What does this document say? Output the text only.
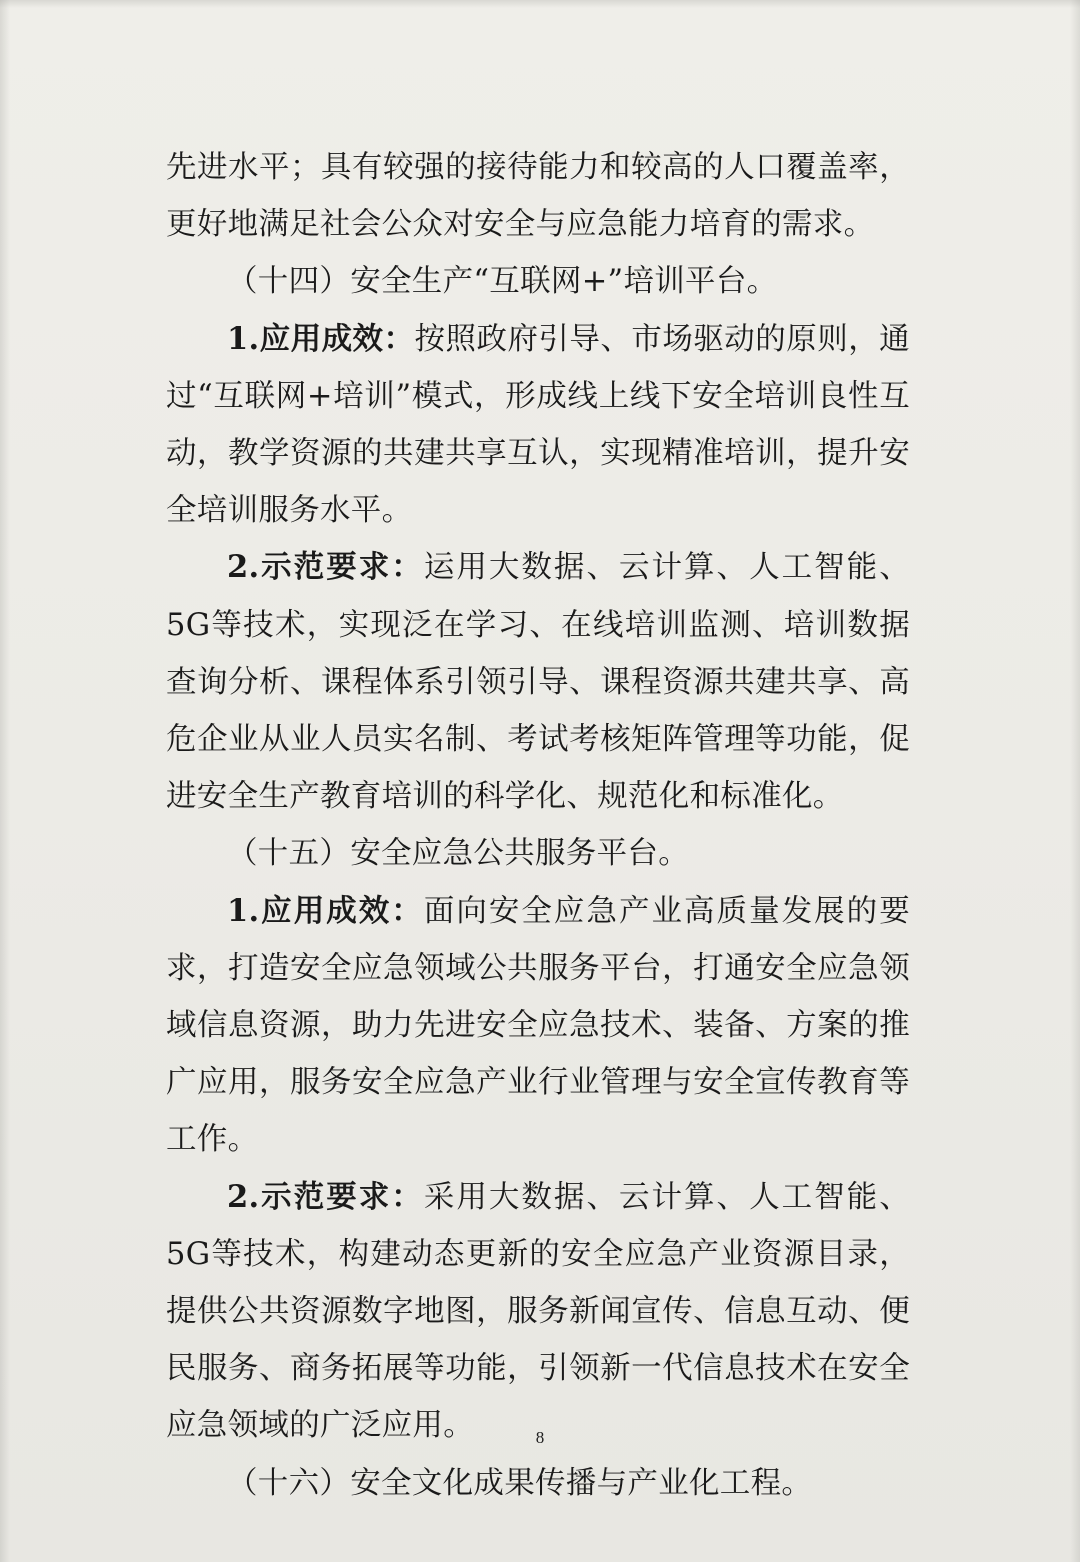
先进水平；具有较强的接待能力和较高的人口覆盖率，更好地满足社会公众对安全与应急能力培育的需求。

（十四）安全生产“互联网+”培训平台。

1.应用成效：按照政府引导、市场驱动的原则，通过“互联网+培训”模式，形成线上线下安全培训良性互动，教学资源的共建共享互认，实现精准培训，提升安全培训服务水平。

2.示范要求：运用大数据、云计算、人工智能、5G等技术，实现泛在学习、在线培训监测、培训数据查询分析、课程体系引领引导、课程资源共建共享、高危企业从业人员实名制、考试考核矩阵管理等功能，促进安全生产教育培训的科学化、规范化和标准化。

（十五）安全应急公共服务平台。

1.应用成效：面向安全应急产业高质量发展的要求，打造安全应急领域公共服务平台，打通安全应急领域信息资源，助力先进安全应急技术、装备、方案的推广应用，服务安全应急产业行业管理与安全宣传教育等工作。

2.示范要求：采用大数据、云计算、人工智能、5G等技术，构建动态更新的安全应急产业资源目录，提供公共资源数字地图，服务新闻宣传、信息互动、便民服务、商务拓展等功能，引领新一代信息技术在安全应急领域的广泛应用。

（十六）安全文化成果传播与产业化工程。

8
